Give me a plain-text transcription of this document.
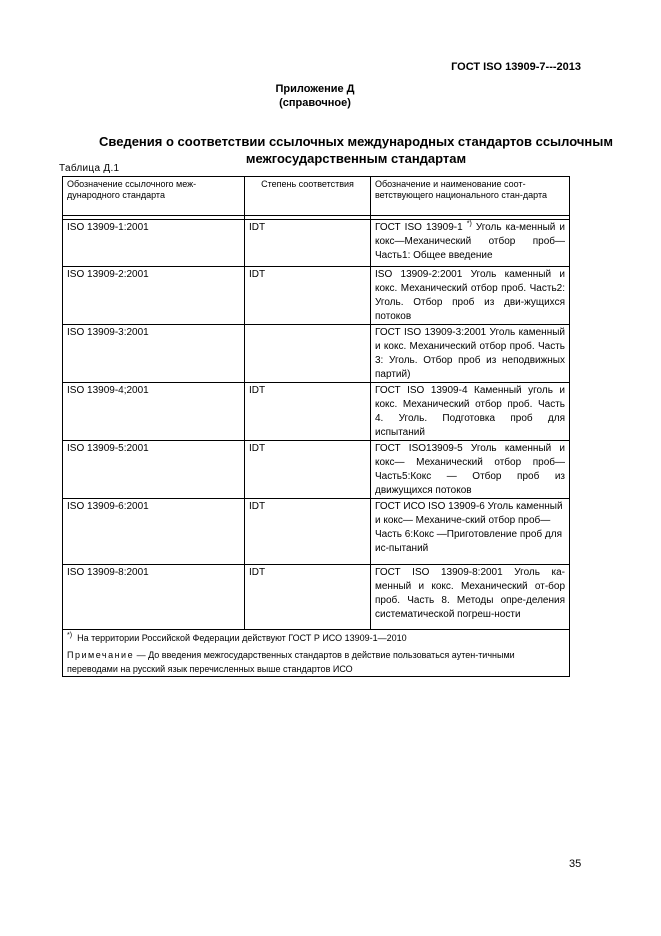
ГОСТ ISO 13909-7---2013
Приложение Д
(справочное)
Сведения о соответствии ссылочных международных стандартов ссылочным
межгосударственным стандартам
Таблица Д.1
Обозначение ссылочного меж-дународного стандарта	Степень соответствия	Обозначение и наименование соот-ветствующего национального стан-дарта

ISO 13909-1:2001	IDT	ГОСТ ISO 13909-1 *) Уголь ка-менный и кокс—Механический отбор проб—Часть1: Общее введение
ISO 13909-2:2001	IDT	ISO 13909-2:2001 Уголь каменный и кокс. Механический отбор проб. Часть2: Уголь. Отбор проб из дви-жущихся потоков
ISO 13909-3:2001		ГОСТ ISO 13909-3:2001 Уголь каменный и кокс. Механический отбор проб. Часть 3: Уголь. Отбор проб из неподвижных партий)
ISO 13909-4;2001	IDT	ГОСТ ISO 13909-4 Каменный уголь и кокс. Механический отбор проб. Часть 4. Уголь. Подготовка проб для испытаний
ISO 13909-5:2001	IDT	ГОСТ ISO13909-5 Уголь каменный и кокс— Механический отбор проб—Часть5:Кокс — Отбор проб из движущихся потоков
ISO 13909-6:2001	IDT	ГОСТ ИСО ISO 13909-6 Уголь каменный и кокс— Механиче-ский отбор проб—Часть 6:Кокс —Приготовление проб для ис-пытаний
ISO 13909-8:2001	IDT	ГОСТ ISO 13909-8:2001 Уголь ка-менный и кокс. Механический от-бор проб. Часть 8. Методы опре-деления систематической погреш-ности

*) На территории Российской Федерации действуют ГОСТ Р ИСО 13909-1—2010
Примечание — До введения межгосударственных стандартов в действие пользоваться аутен-тичными переводами на русский язык перечисленных выше стандартов ИСО		
35
